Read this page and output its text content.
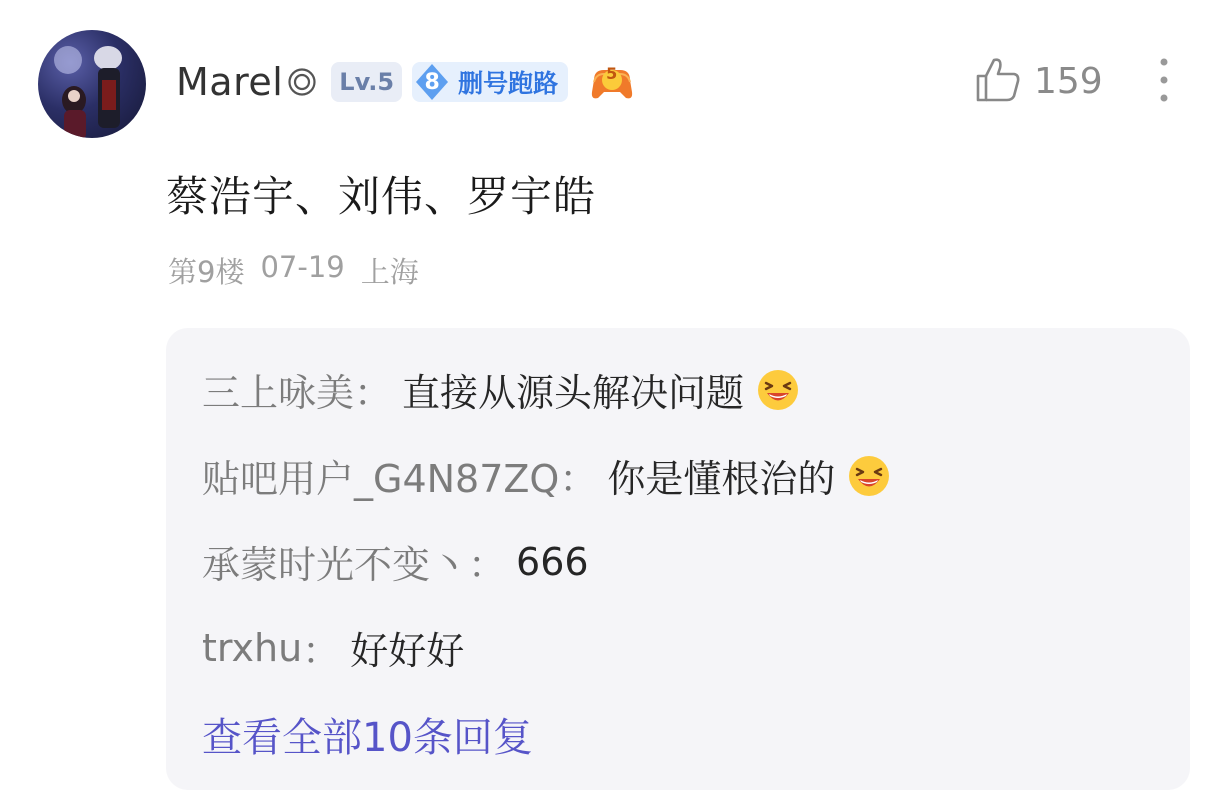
Marel	Lv.5	8 删号跑路	5	159
蔡浩宇、刘伟、罗宇皓
第9楼 07-19 上海
三上咏美 ： 直接从源头解决问题
贴吧用户_G4N87ZQ ： 你是懂根治的
承蒙时光不变丶 ： 666
trxhu ： 好好好
查看全部10条回复
